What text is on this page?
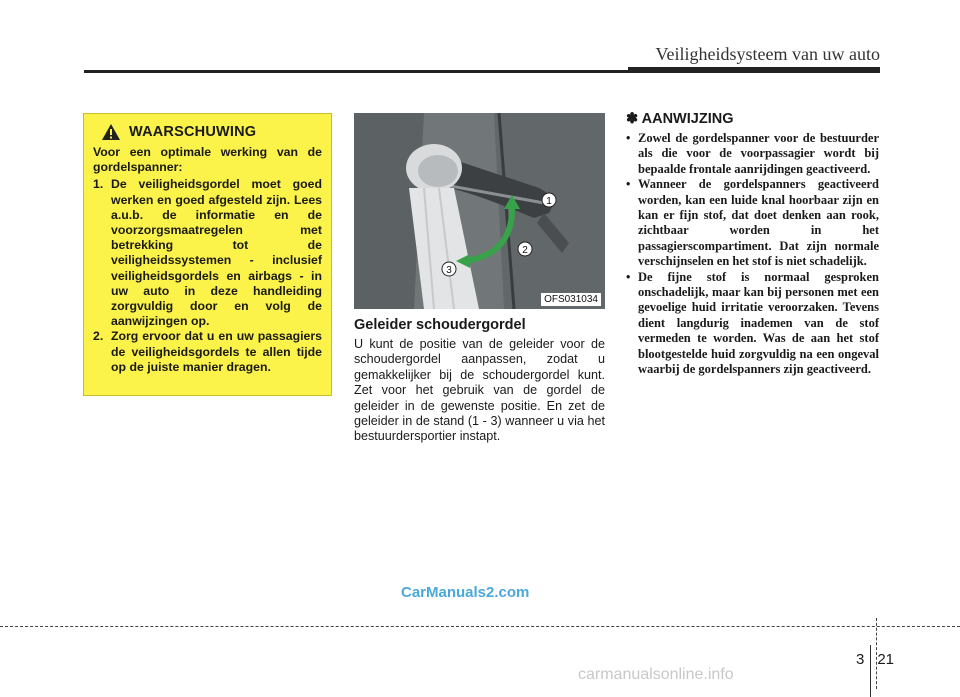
Veiligheidsysteem van uw auto
WAARSCHUWING

Voor een optimale werking van de gordelspanner:

1. De veiligheidsgordel moet goed werken en goed afgesteld zijn. Lees a.u.b. de informatie en de voorzorgsmaatregelen met betrekking tot de veiligheidssystemen - inclusief veiligheidsgordels en airbags - in uw auto in deze handleiding zorgvuldig door en volg de aanwijzingen op.
2. Zorg ervoor dat u en uw passagiers de veiligheidsgordels te allen tijde op de juiste manier dragen.
1
2
3
OFS031034
Geleider schoudergordel
U kunt de positie van de geleider voor de schoudergordel aanpassen, zodat u gemakkelijker bij de schoudergordel kunt. Zet voor het gebruik van de gordel de geleider in de gewenste positie. En zet de geleider in de stand (1 - 3) wanneer u via het bestuurdersportier instapt.
✽ AANWIJZING
• Zowel de gordelspanner voor de bestuurder als die voor de voorpassagier wordt bij bepaalde frontale aanrijdingen geactiveerd.
• Wanneer de gordelspanners geactiveerd worden, kan een luide knal hoorbaar zijn en kan er fijn stof, dat doet denken aan rook, zichtbaar worden in het passagierscompartiment. Dat zijn normale verschijnselen en het stof is niet schadelijk.
• De fijne stof is normaal gesproken onschadelijk, maar kan bij personen met een gevoelige huid irritatie veroorzaken. Tevens dient langdurig inademen van de stof vermeden te worden. Was de aan het stof blootgestelde huid zorgvuldig na een ongeval waarbij de gordelspanners zijn geactiveerd.
CarManuals2.com
3 21
carmanualsonline.info
